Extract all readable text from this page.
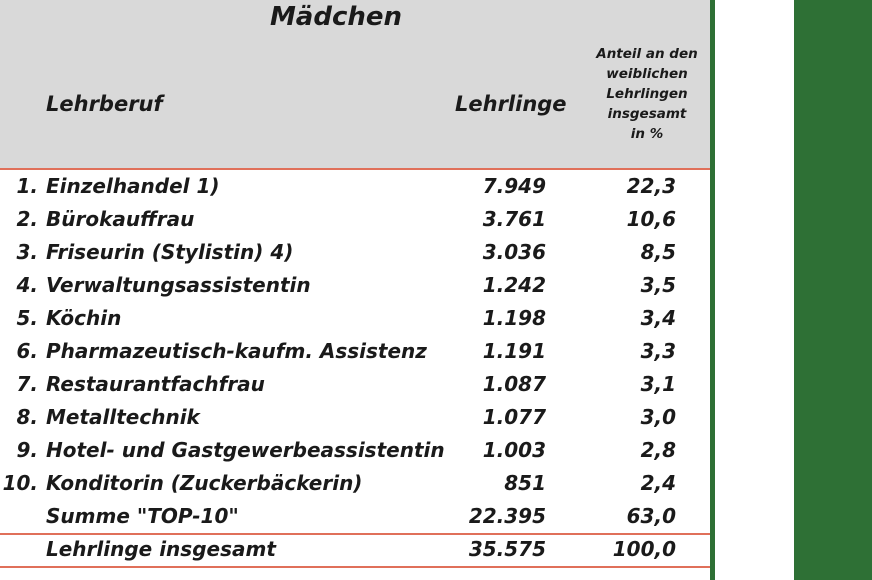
Mädchen
Lehrberuf	Lehrlinge
Anteil an den
weiblichen
Lehrlingen
insgesamt
in %
1. Einzelhandel 1)	7.949	22,3
2. Bürokauffrau	3.761	10,6
3. Friseurin (Stylistin) 4)	3.036	8,5
4. Verwaltungsassistentin	1.242	3,5
5. Köchin	1.198	3,4
6. Pharmazeutisch-kaufm. Assistenz	1.191	3,3
7. Restaurantfachfrau	1.087	3,1
8. Metalltechnik	1.077	3,0
9. Hotel- und Gastgewerbeassistentin 1.003	2,8
10. Konditorin (Zuckerbäckerin)	851	2,4
Summe "TOP-10"	22.395	63,0
Lehrlinge insgesamt	35.575	100,0
